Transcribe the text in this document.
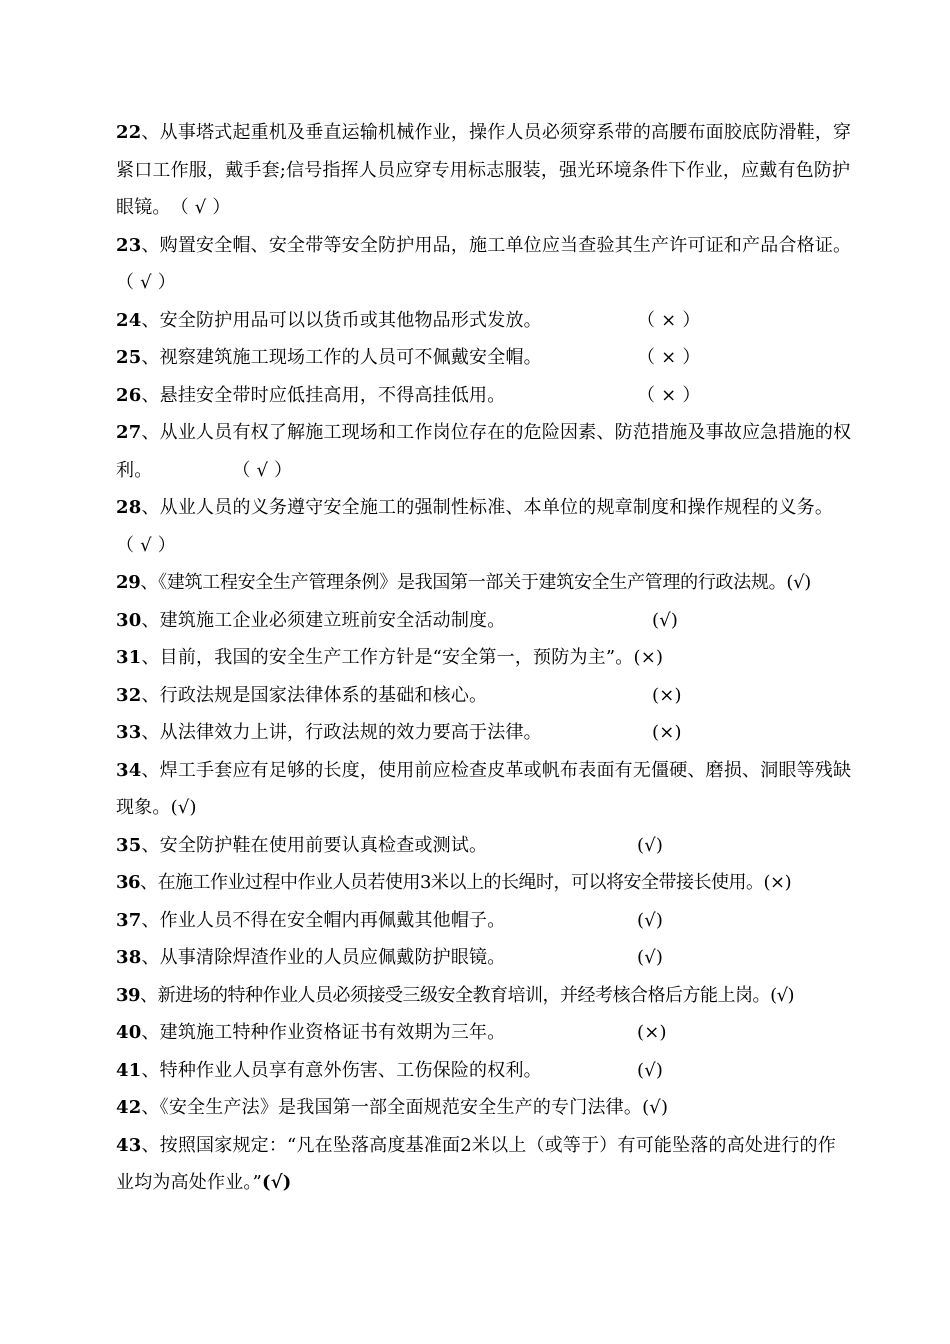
22、从事塔式起重机及垂直运输机械作业，操作人员必须穿系带的高腰布面胶底防滑鞋，穿紧口工作服，戴手套;信号指挥人员应穿专用标志服装，强光环境条件下作业，应戴有色防护眼镜。（ √ ）
23、购置安全帽、安全带等安全防护用品，施工单位应当查验其生产许可证和产品合格证。（ √ ）
24、安全防护用品可以以货币或其他物品形式发放。	（ × ）
25、视察建筑施工现场工作的人员可不佩戴安全帽。	（ × ）
26、悬挂安全带时应低挂高用，不得高挂低用。	（ × ）
27、从业人员有权了解施工现场和工作岗位存在的危险因素、防范措施及事故应急措施的权利。	（ √ ）
28、从业人员的义务遵守安全施工的强制性标准、本单位的规章制度和操作规程的义务。（ √ ）
29、《建筑工程安全生产管理条例》是我国第一部关于建筑安全生产管理的行政法规。(√)
30、建筑施工企业必须建立班前安全活动制度。	(√)
31、目前，我国的安全生产工作方针是“安全第一，预防为主”。(×)
32、行政法规是国家法律体系的基础和核心。	(×)
33、从法律效力上讲，行政法规的效力要高于法律。	(×)
34、焊工手套应有足够的长度，使用前应检查皮革或帆布表面有无僵硬、磨损、洞眼等残缺现象。(√)
35、安全防护鞋在使用前要认真检查或测试。	(√)
36、在施工作业过程中作业人员若使用3米以上的长绳时，可以将安全带接长使用。(×)
37、作业人员不得在安全帽内再佩戴其他帽子。	(√)
38、从事清除焊渣作业的人员应佩戴防护眼镜。	(√)
39、新进场的特种作业人员必须接受三级安全教育培训，并经考核合格后方能上岗。(√)
40、建筑施工特种作业资格证书有效期为三年。	(×)
41、特种作业人员享有意外伤害、工伤保险的权利。	(√)
42、《安全生产法》是我国第一部全面规范安全生产的专门法律。(√)
43、按照国家规定：“凡在坠落高度基准面2米以上（或等于）有可能坠落的高处进行的作业均为高处作业。”(√)
